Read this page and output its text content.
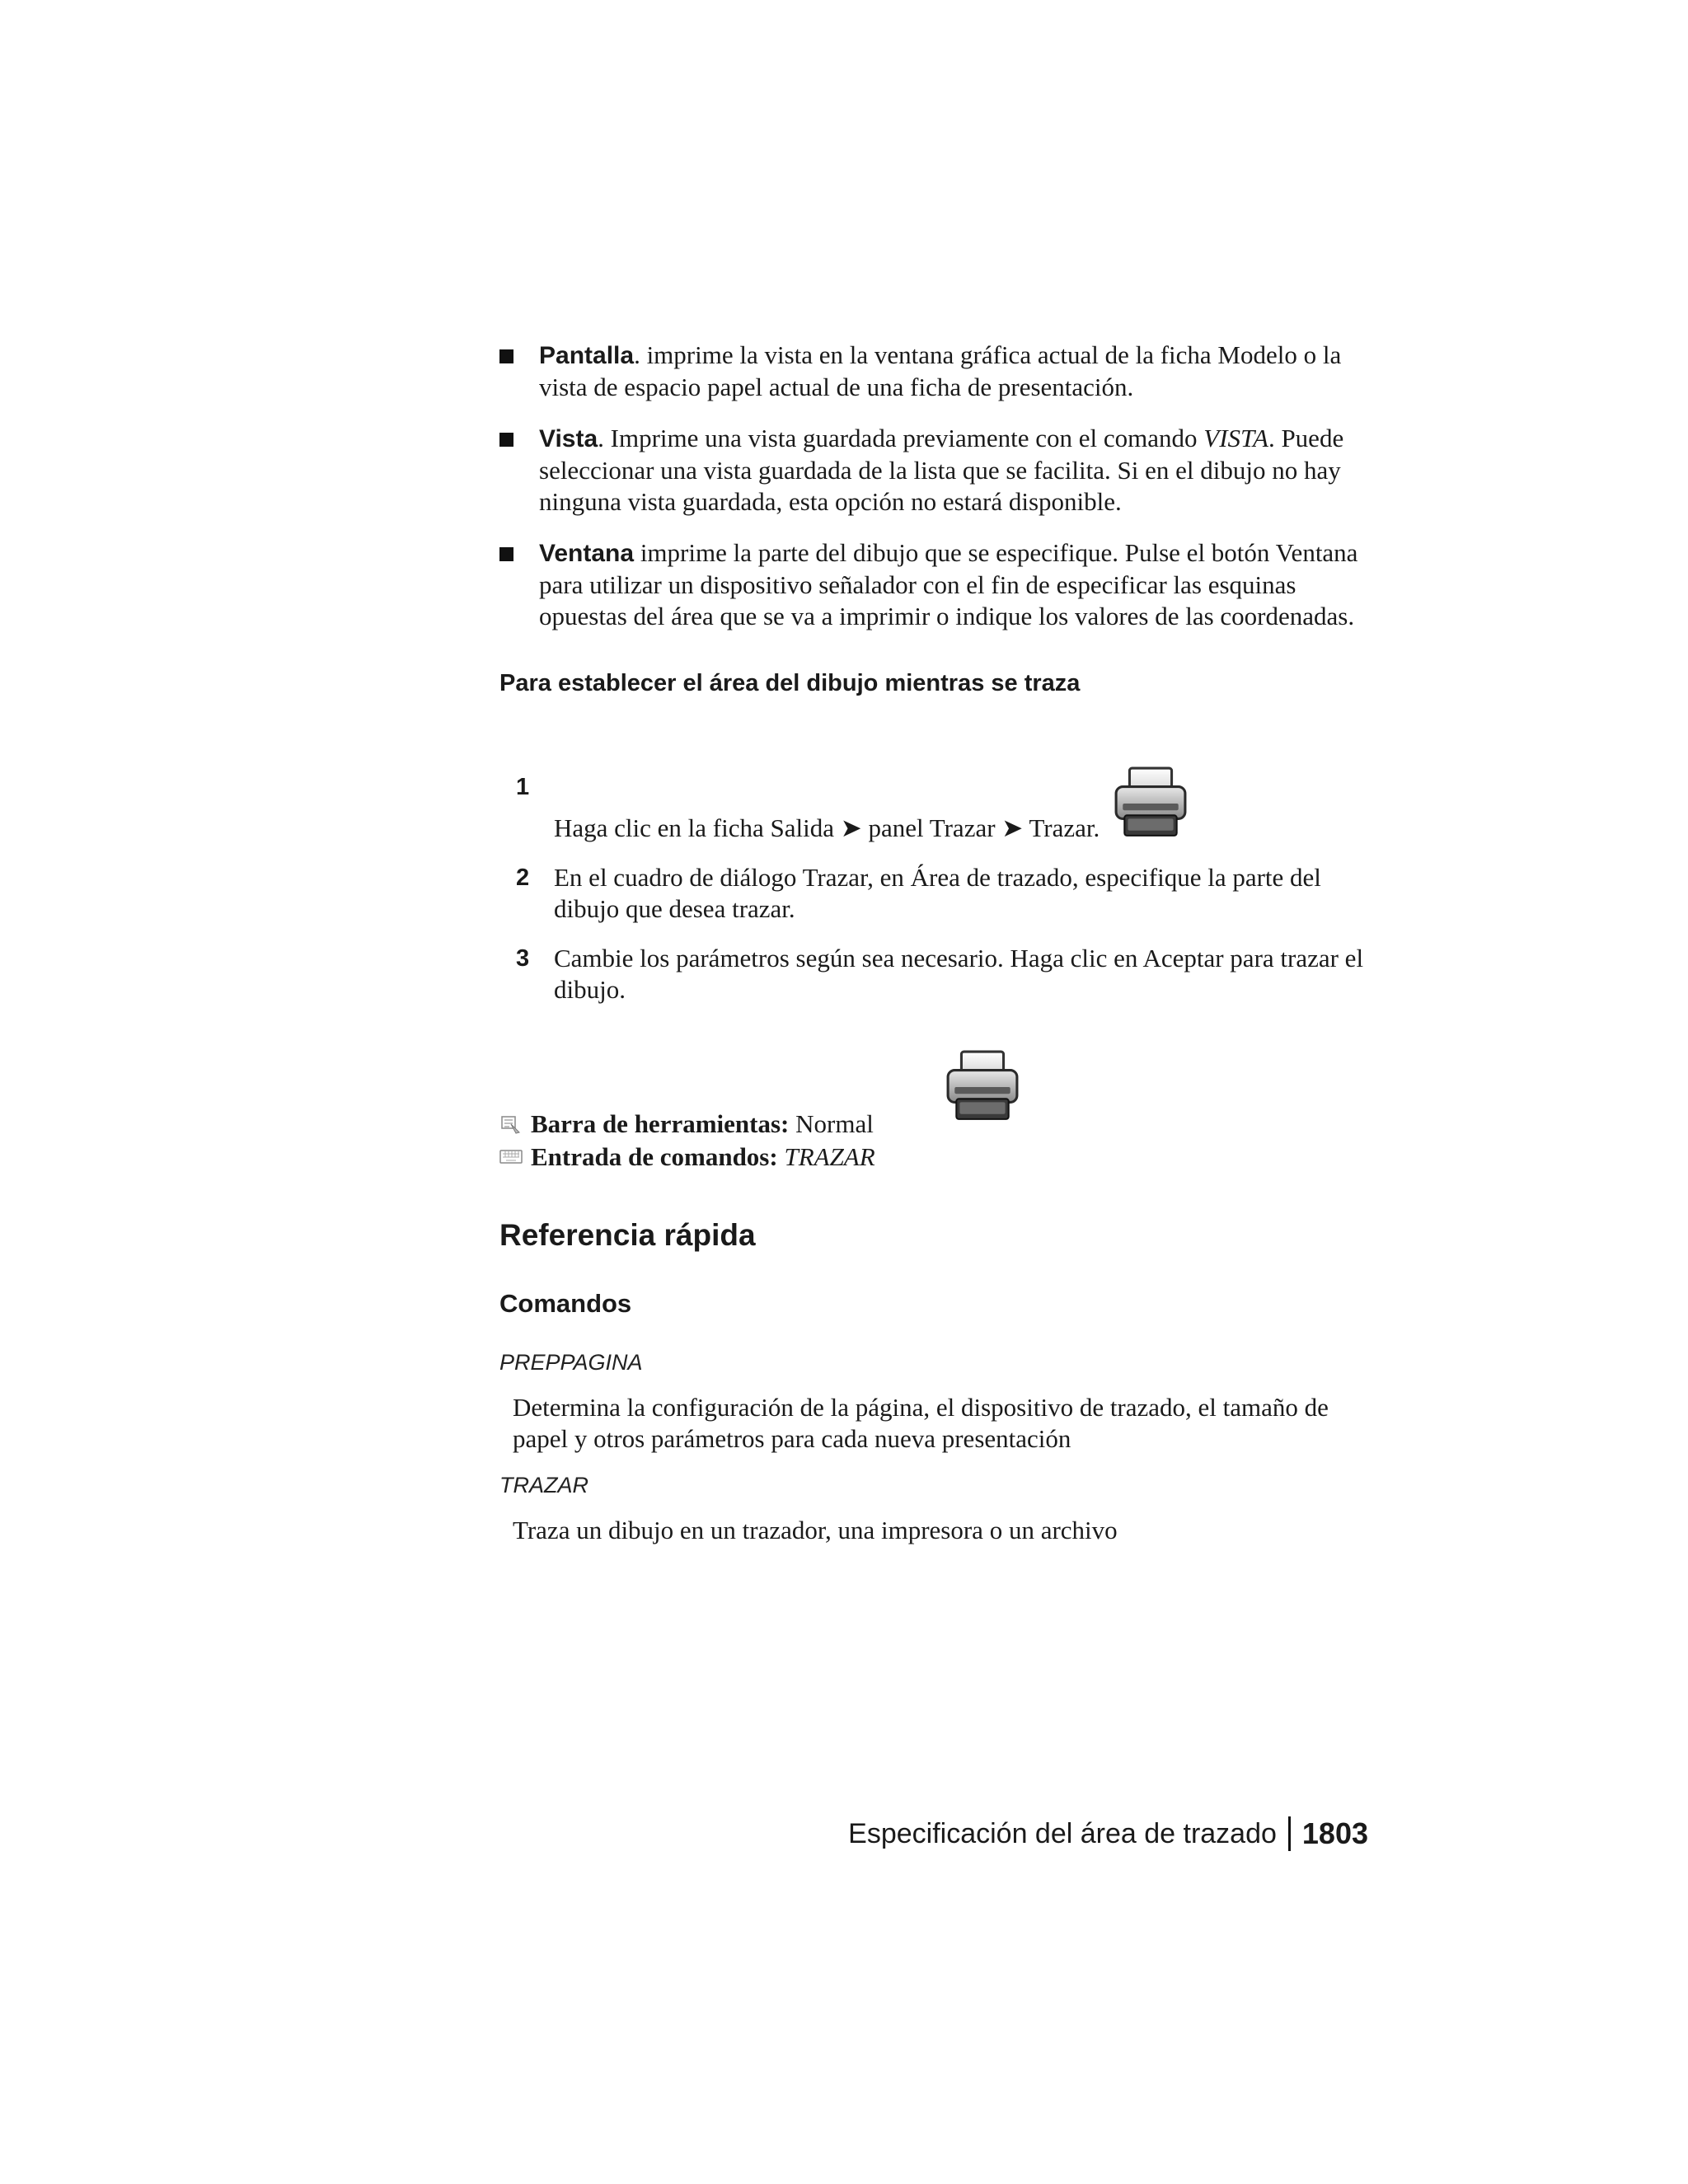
Pantalla. imprime la vista en la ventana gráfica actual de la ficha Modelo o la vista de espacio papel actual de una ficha de presentación.
Vista. Imprime una vista guardada previamente con el comando VISTA. Puede seleccionar una vista guardada de la lista que se facilita. Si en el dibujo no hay ninguna vista guardada, esta opción no estará disponible.
Ventana imprime la parte del dibujo que se especifique. Pulse el botón Ventana para utilizar un dispositivo señalador con el fin de especificar las esquinas opuestas del área que se va a imprimir o indique los valores de las coordenadas.
Para establecer el área del dibujo mientras se traza
1
Haga clic en la ficha Salida ➤ panel Trazar ➤ Trazar.
2 En el cuadro de diálogo Trazar, en Área de trazado, especifique la parte del dibujo que desea trazar.
3 Cambie los parámetros según sea necesario. Haga clic en Aceptar para trazar el dibujo.
Barra de herramientas: Normal
Entrada de comandos: TRAZAR
Referencia rápida
Comandos
PREPPAGINA
Determina la configuración de la página, el dispositivo de trazado, el tamaño de papel y otros parámetros para cada nueva presentación
TRAZAR
Traza un dibujo en un trazador, una impresora o un archivo
Especificación del área de trazado 1803
